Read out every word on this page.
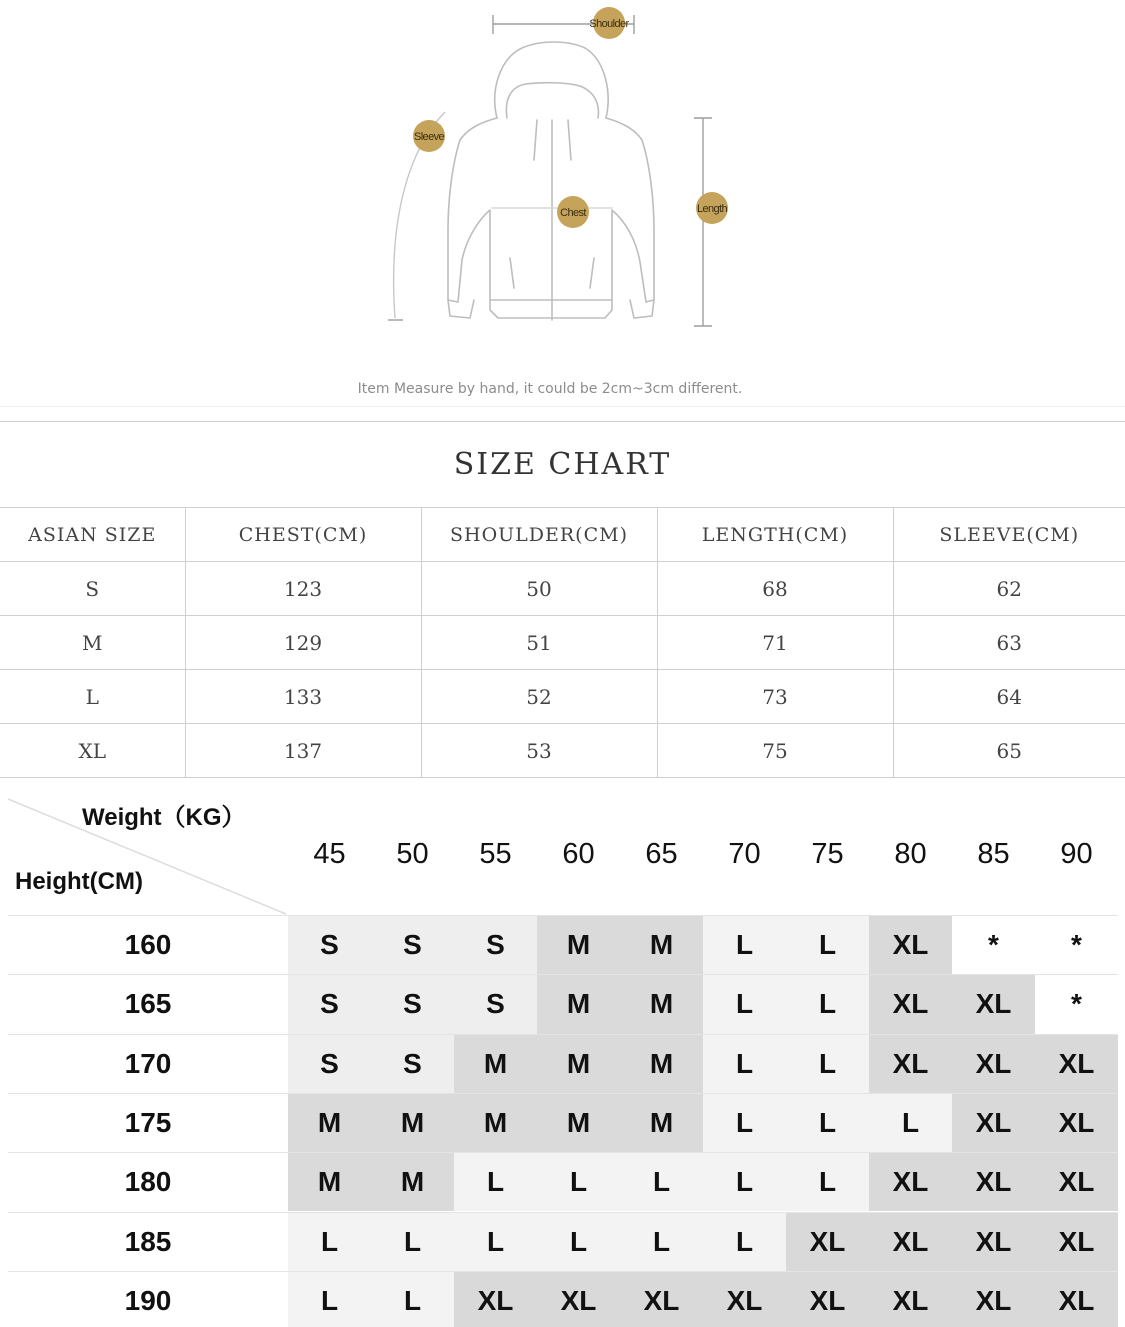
Shoulder
Sleeve
Chest	Length
Item Measure by hand, it could be 2cm~3cm different.
SIZE CHART				
ASIAN SIZE	CHEST(CM)	SHOULDER(CM)	LENGTH(CM)	SLEEVE(CM)
S	123	50	68	62
M	129	51	71	63
L	133	52	73	64
XL	137	53	75	65
Weight（KG）
Height(CM)
45	50	55	60	65	70	75	80	85	90
160	S	S	S	M	M	L	L	XL	*	*
165	S	S	S	M	M	L	L	XL	XL	*
170	S	S	M	M	M	L	L	XL	XL	XL
175	M	M	M	M	M	L	L	L	XL	XL
180	M	M	L	L	L	L	L	XL	XL	XL
185	L	L	L	L	L	L	XL	XL	XL	XL
190	L	L	XL	XL	XL	XL	XL	XL	XL	XL
